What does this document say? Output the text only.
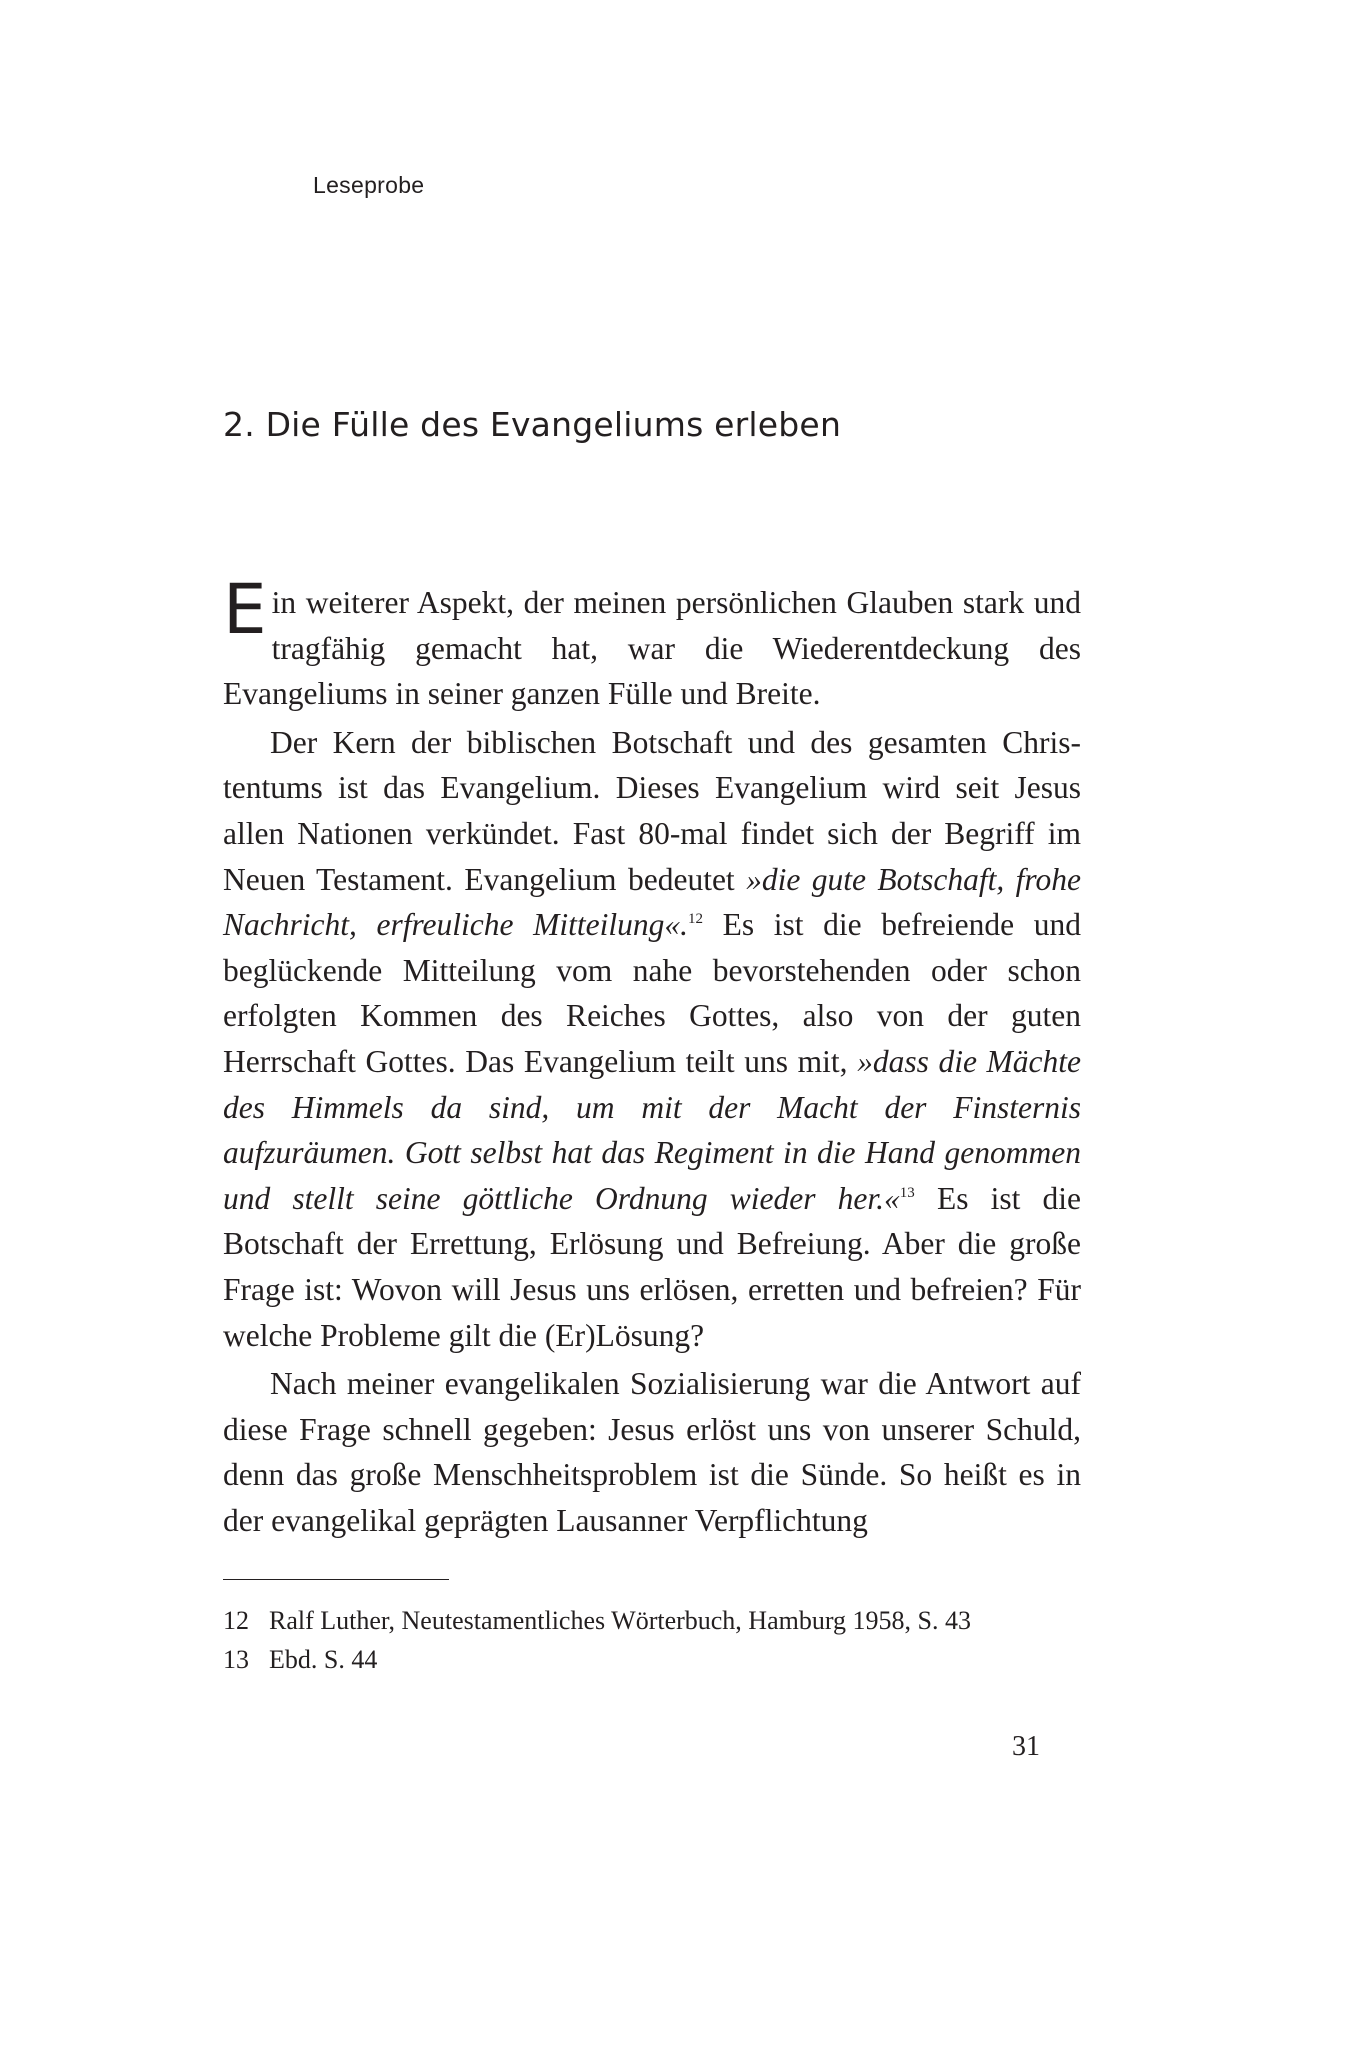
Leseprobe
2. Die Fülle des Evangeliums erleben

Ein weiterer Aspekt, der meinen persönlichen Glauben stark und tragfähig gemacht hat, war die Wiederentdeckung des Evangeliums in seiner ganzen Fülle und Breite.

Der Kern der biblischen Botschaft und des gesamten Christentums ist das Evangelium. Dieses Evangelium wird seit Jesus allen Nationen verkündet. Fast 80-mal findet sich der Begriff im Neuen Testament. Evangelium bedeutet »die gute Botschaft, frohe Nachricht, erfreuliche Mitteilung«.$^{12}$ Es ist die befreiende und beglückende Mitteilung vom nahe bevorstehenden oder schon erfolgten Kommen des Reiches Gottes, also von der guten Herrschaft Gottes. Das Evangelium teilt uns mit, »dass die Mächte des Himmels da sind, um mit der Macht der Finsternis aufzuräumen. Gott selbst hat das Regiment in die Hand genommen und stellt seine göttliche Ordnung wieder her.«$^{13}$ Es ist die Botschaft der Errettung, Erlösung und Befreiung. Aber die große Frage ist: Wovon will Jesus uns erlösen, erretten und befreien? Für welche Probleme gilt die (Er)Lösung?

Nach meiner evangelikalen Sozialisierung war die Antwort auf diese Frage schnell gegeben: Jesus erlöst uns von unserer Schuld, denn das große Menschheitsproblem ist die Sünde. So heißt es in der evangelikal geprägten Lausanner Verpflichtung

12 Ralf Luther, Neutestamentliches Wörterbuch, Hamburg 1958, S. 43
13 Ebd. S. 44
31
